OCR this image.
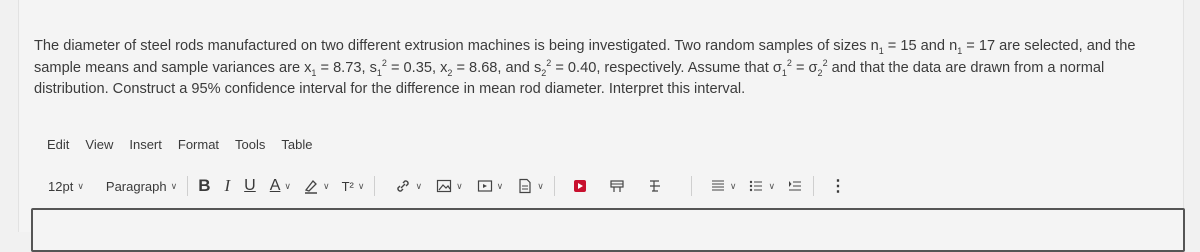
The diameter of steel rods manufactured on two different extrusion machines is being investigated. Two random samples of sizes $n_1 = 15$ and $n_1 = 17$ are selected, and the sample means and sample variances are $x_1 = 8.73$, $s_1^2 = 0.35$, $x_2 = 8.68$, and $s_2^2 = 0.40$, respectively. Assume that $\sigma_1^2 = \sigma_2^2$ and that the data are drawn from a normal distribution. Construct a 95% confidence interval for the difference in mean rod diameter. Interpret this interval.
Edit View Insert Format Tools Table
12pt ∨ Paragraph ∨ B I U A ∨	∨ T² ∨	∨	∨	∨	∨	∨	∨	⋮
